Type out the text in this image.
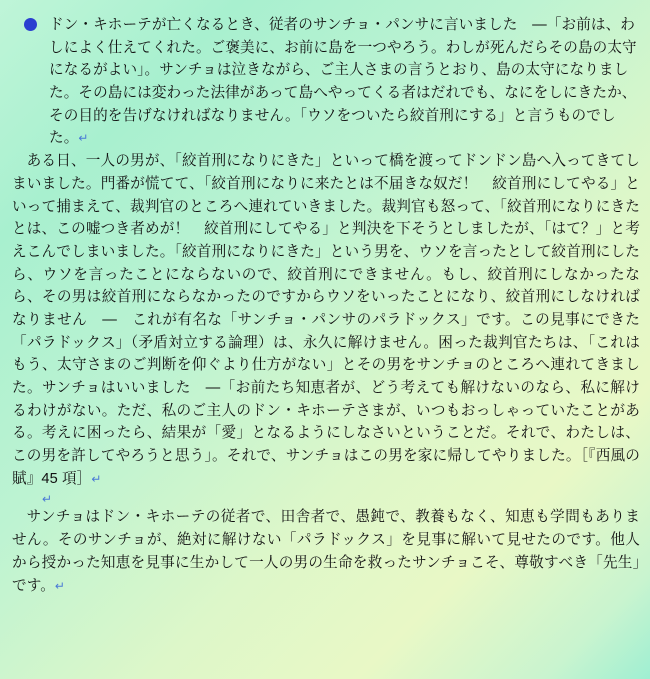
ドン・キホーテが亡くなるとき、従者のサンチョ・パンサに言いました　—「お前は、わしによく仕えてくれた。ご褒美に、お前に島を一つやろう。わしが死んだらその島の太守になるがよい」。サンチョは泣きながら、ご主人さまの言うとおり、島の太守になりました。その島には変わった法律があって島へやってくる者はだれでも、なにをしにきたか、その目的を告げなければなりません。「ウソをついたら絞首刑にする」と言うものでした。↵

ある日、一人の男が、「絞首刑になりにきた」といって橋を渡ってドンドン島へ入ってきてしまいました。門番が慌てて、「絞首刑になりに来たとは不届きな奴だ！　絞首刑にしてやる」といって捕まえて、裁判官のところへ連れていきました。裁判官も怒って、「絞首刑になりにきたとは、この嘘つき者めが！　絞首刑にしてやる」と判決を下そうとしましたが、「はて？」と考えこんでしまいました。「絞首刑になりにきた」という男を、ウソを言ったとして絞首刑にしたら、ウソを言ったことにならないので、絞首刑にできません。もし、絞首刑にしなかったなら、その男は絞首刑にならなかったのですからウソをいったことになり、絞首刑にしなければなりません　—　これが有名な「サンチョ・パンサのパラドックス」です。この見事にできた「パラドックス」（矛盾対立する論理）は、永久に解けません。困った裁判官たちは、「これはもう、太守さまのご判断を仰ぐより仕方がない」とその男をサンチョのところへ連れてきました。サンチョはいいました　—「お前たち知恵者が、どう考えても解けないのなら、私に解けるわけがない。ただ、私のご主人のドン・キホーテさまが、いつもおっしゃっていたことがある。考えに困ったら、結果が「愛」となるようにしなさいということだ。それで、わたしは、この男を許してやろうと思う」。それで、サンチョはこの男を家に帰してやりました。［『西風の賦』45 項］↵

↵

サンチョはドン・キホーテの従者で、田舎者で、愚鈍で、教養もなく、知恵も学問もありません。そのサンチョが、絶対に解けない「パラドックス」を見事に解いて見せたのです。他人から授かった知恵を見事に生かして一人の男の生命を救ったサンチョこそ、尊敬すべき「先生」です。↵
